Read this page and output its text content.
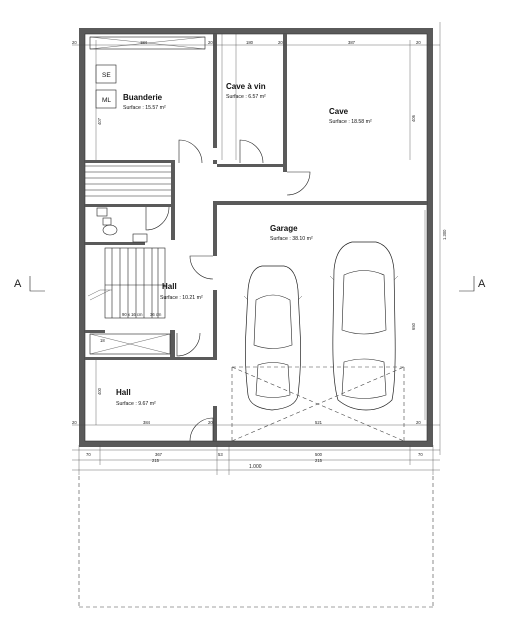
SE
ML Buanderie
Surface : 15.57 m²
Cave à vin
Surface : 6.57 m²
Cave
Surface : 18.58 m²
Garage
Surface : 38.10 m²
Hall
Surface : 10.21 m²
Hall
Surface : 9.67 m²
20	184	20	180	20	387	20
20	384	20	521	20
70	367	53	500	70
215	215
1.000
1.300
406
650
407
400
90 x 16 cm 36 cm
18
A	A
